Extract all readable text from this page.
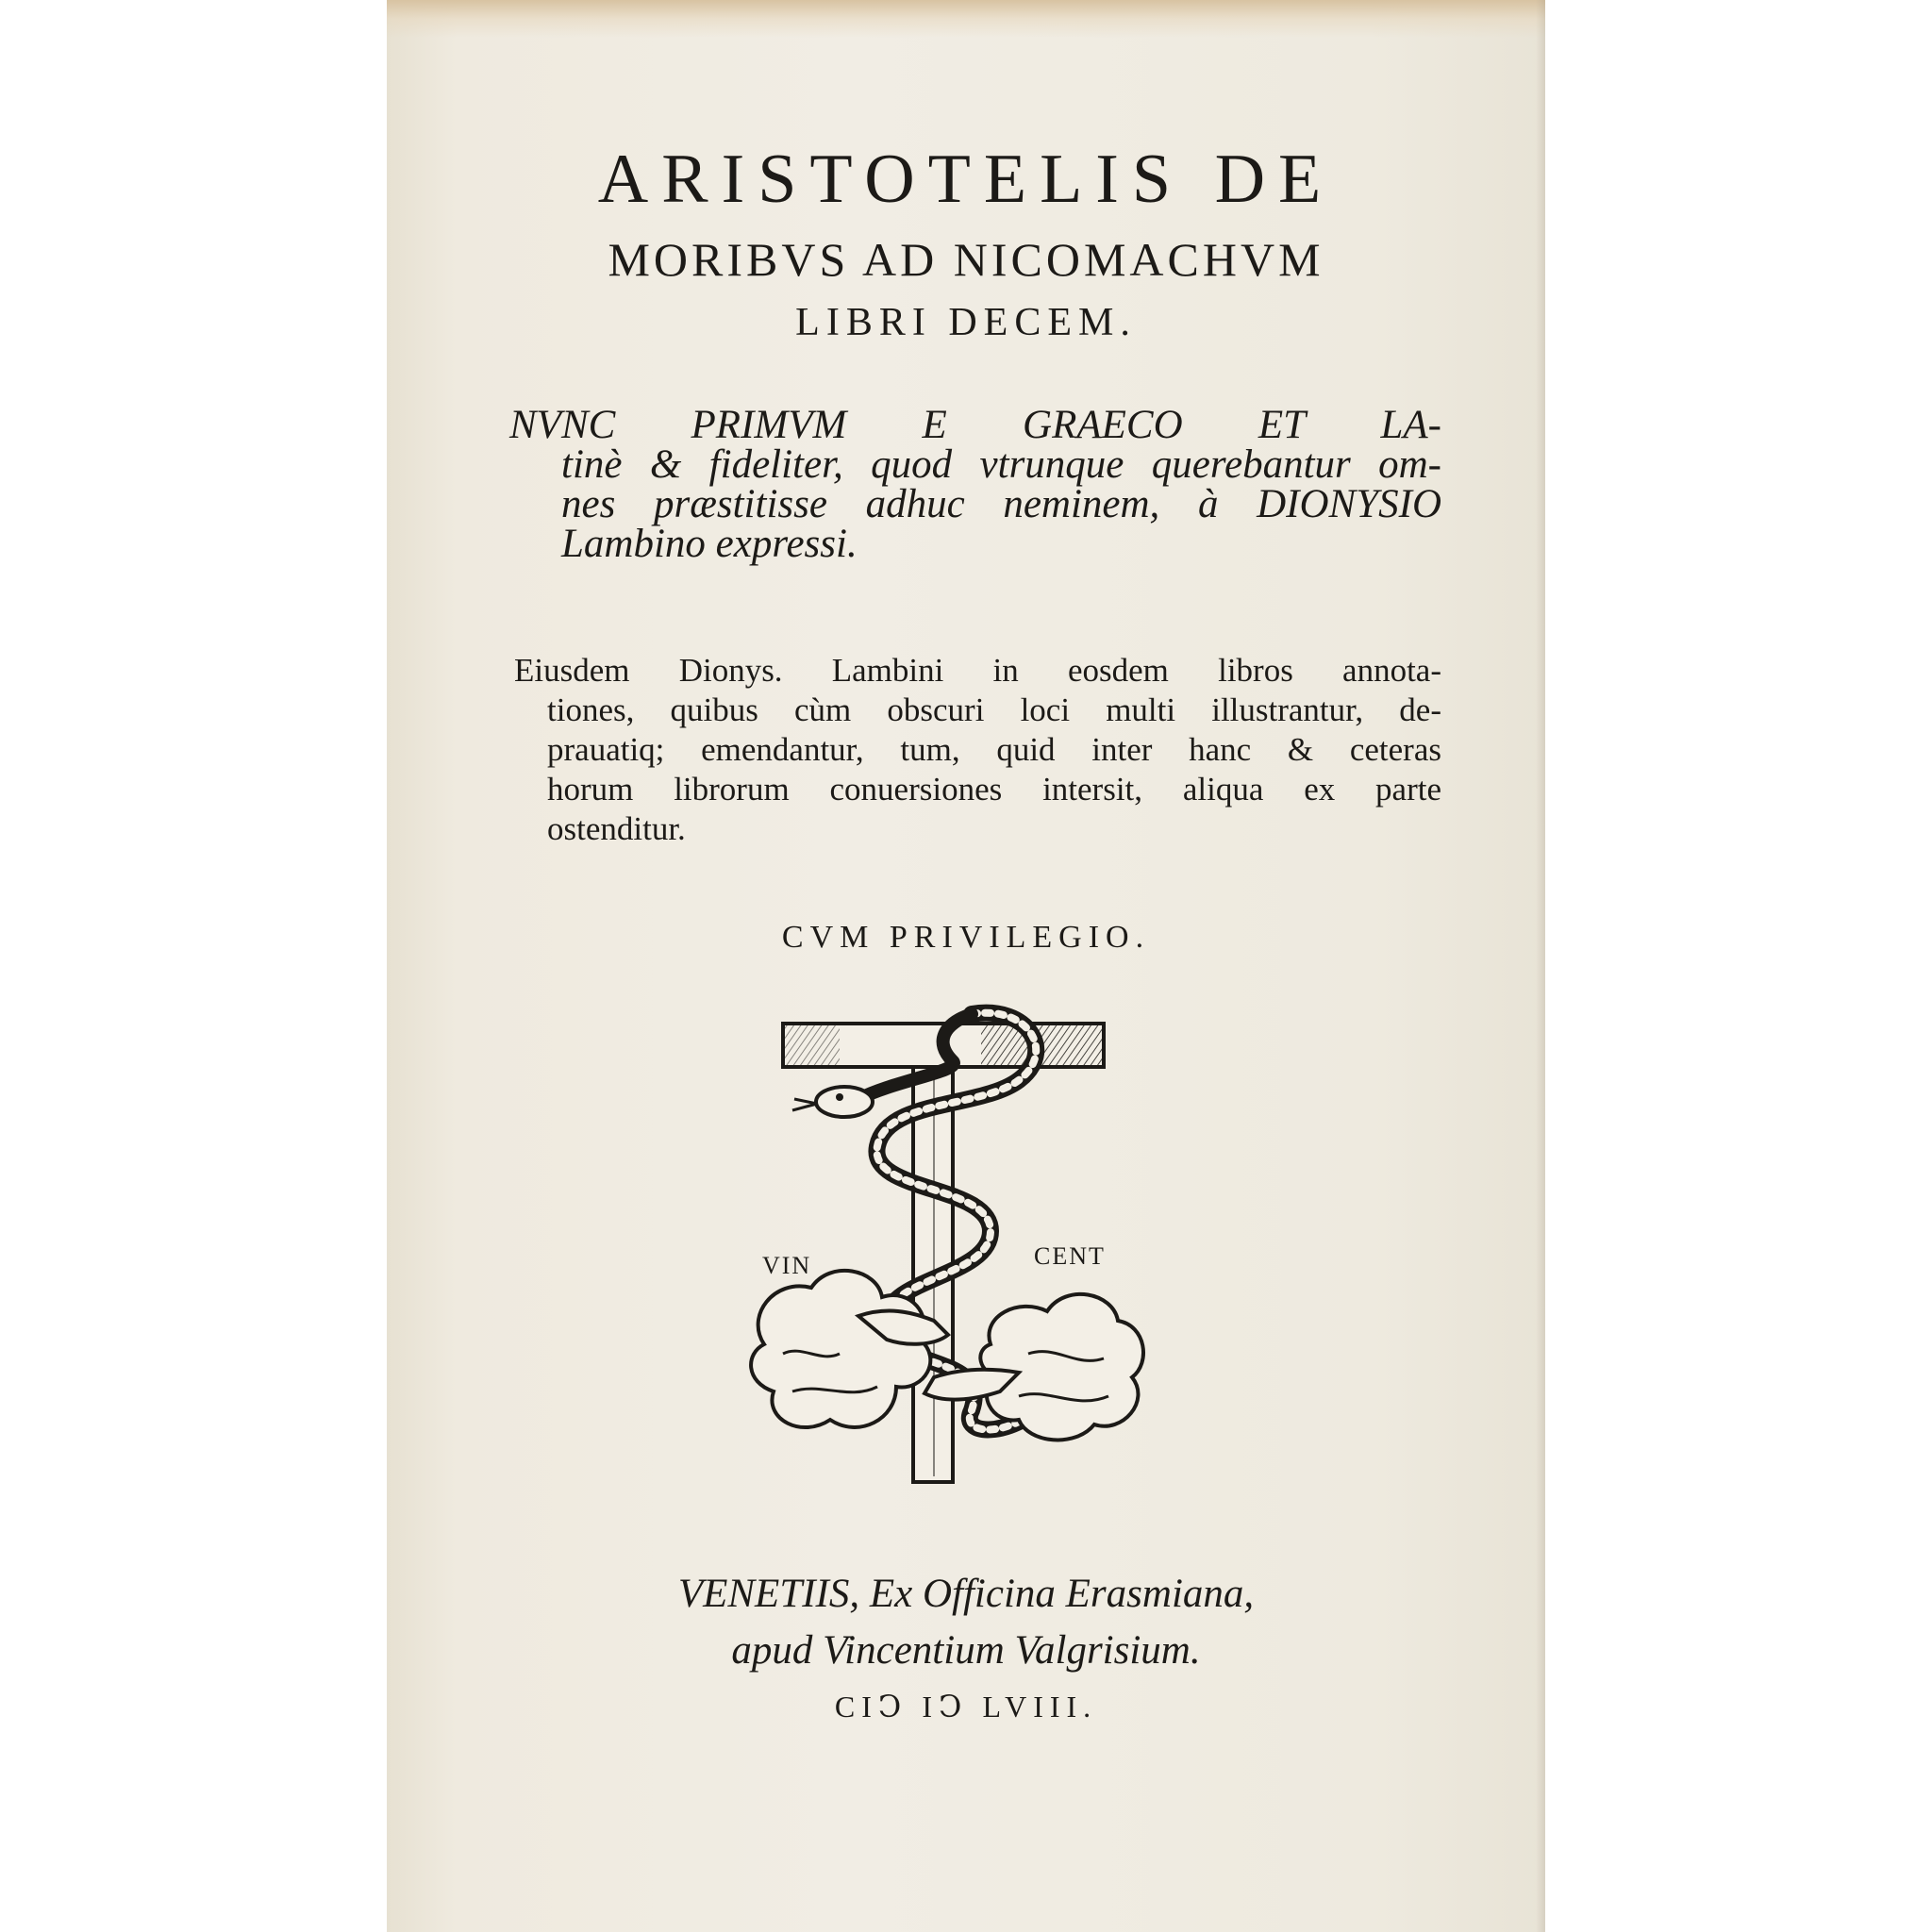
ARISTOTELIS DE
MORIBVS AD NICOMACHVM
LIBRI DECEM.
NVNC PRIMVM E GRAECO ET LA-
tinè & fideliter, quod vtrunque querebantur om-
nes præstitisse adhuc neminem, à DIONYSIO
Lambino expressi.
Eiusdem Dionys. Lambini in eosdem libros annota-
tiones, quibus cùm obscuri loci multi illustrantur, de-
prauatiq; emendantur, tum, quid inter hanc & ceteras
horum librorum conuersiones intersit, aliqua ex parte
ostenditur.
CVM PRIVILEGIO.
VIN	CENT
VENETIIS, Ex Officina Erasmiana,
apud Vincentium Valgrisium.
CIↃ IↃ LVIII.
